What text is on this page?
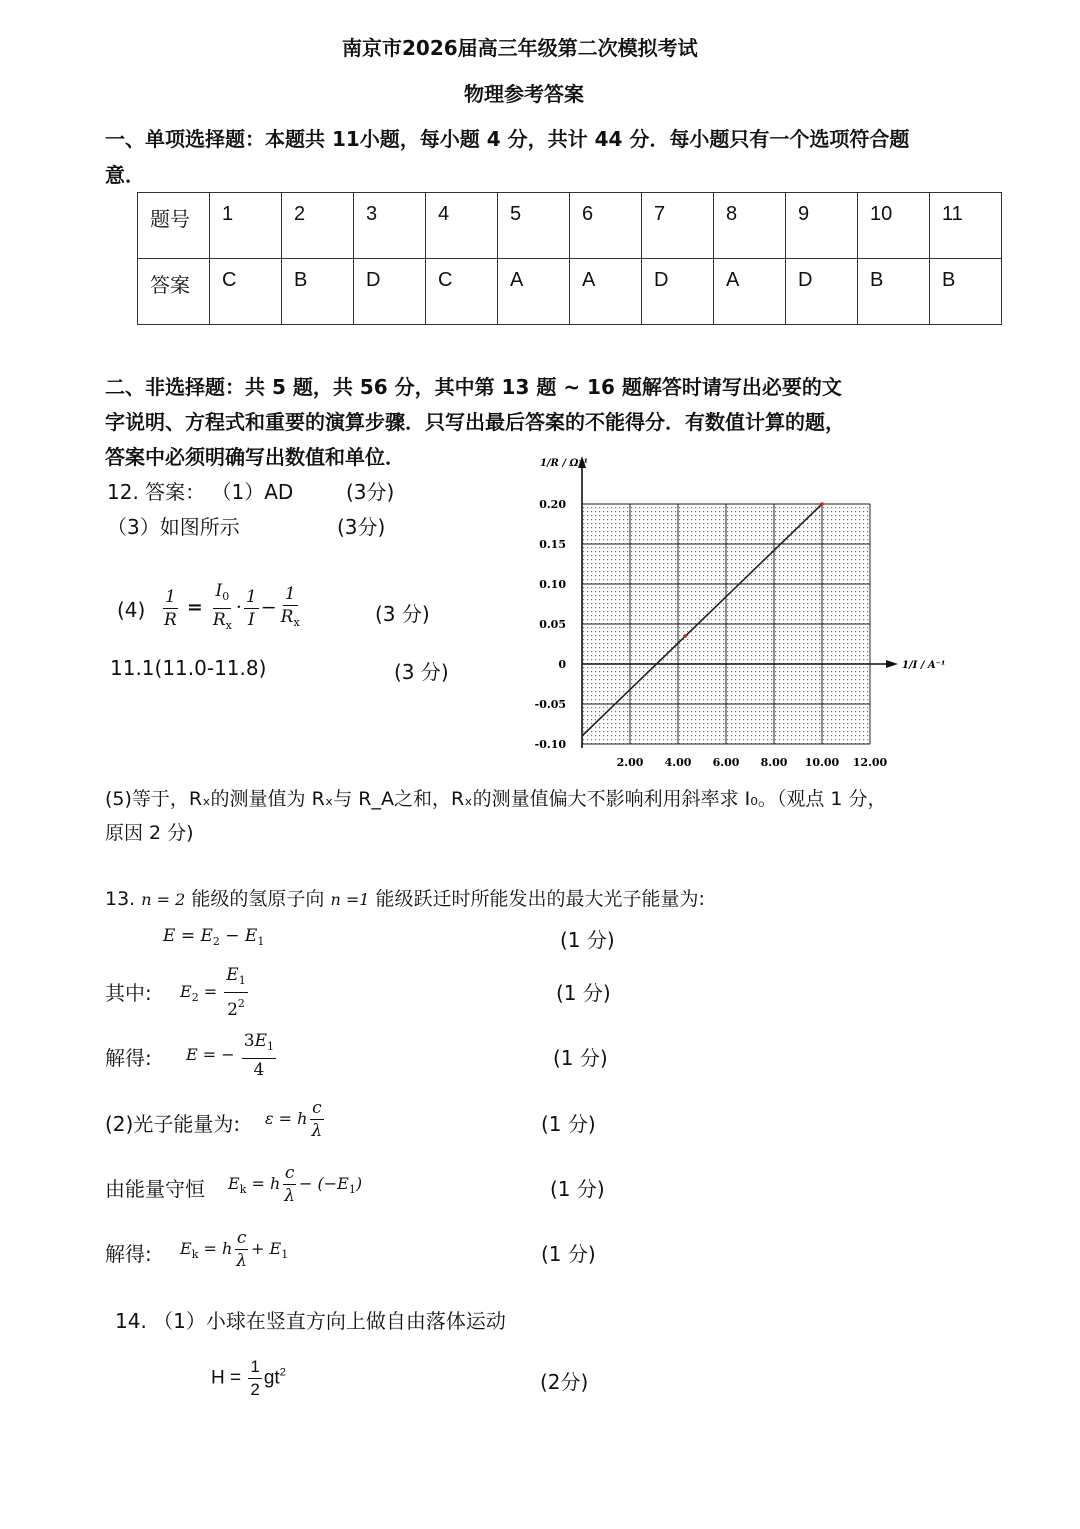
南京市2026届高三年级第二次模拟考试
物理参考答案
一、单项选择题：本题共 11小题，每小题 4 分，共计 44 分．每小题只有一个选项符合题
意．
题号	1	2	3	4	5	6	7	8	9	10	11
答案	C	B	D	C	A	A	D	A	D	B	B
二、非选择题：共 5 题，共 56 分，其中第 13 题 ~ 16 题解答时请写出必要的文
字说明、方程式和重要的演算步骤．只写出最后答案的不能得分．有数值计算的题，
答案中必须明确写出数值和单位．
12. 答案： （1）AD	(3分)
（3）如图所示	(3分)
$(4) \frac{1}{R} = \frac{I_0}{R_x} \cdot \frac{1}{I} - \frac{1}{R_x}$	(3 分)
11.1(11.0-11.8)	(3 分)
0.20
0.15
0.10
0.05
0
-0.05
-0.10
2.00 4.00 6.00 8.00 10.00 12.00
1/R / Ω⁻¹
1/I / A⁻¹
(5)等于，Rₓ的测量值为 Rₓ与 R_A之和，Rₓ的测量值偏大不影响利用斜率求 I₀。（观点 1 分，
原因 2 分)
13. n = 2 能级的氢原子向 n =1 能级跃迁时所能发出的最大光子能量为:
$E = E_2 - E_1$	(1 分)
其中: $E_2 = \frac{E_1}{2^2}$	(1 分)
解得: E = − $\frac{3E_1}{4}$	(1 分)
(2)光子能量为: ε = h $\frac{c}{\lambda}$	(1 分)
由能量守恒 $E_k = h \frac{c}{\lambda} - (-E_1)$	(1 分)
解得: $E_k = h \frac{c}{\lambda} + E_1$	(1 分)
14. （1）小球在竖直方向上做自由落体运动
$H = \frac{1}{2} gt^2$	(2分)
